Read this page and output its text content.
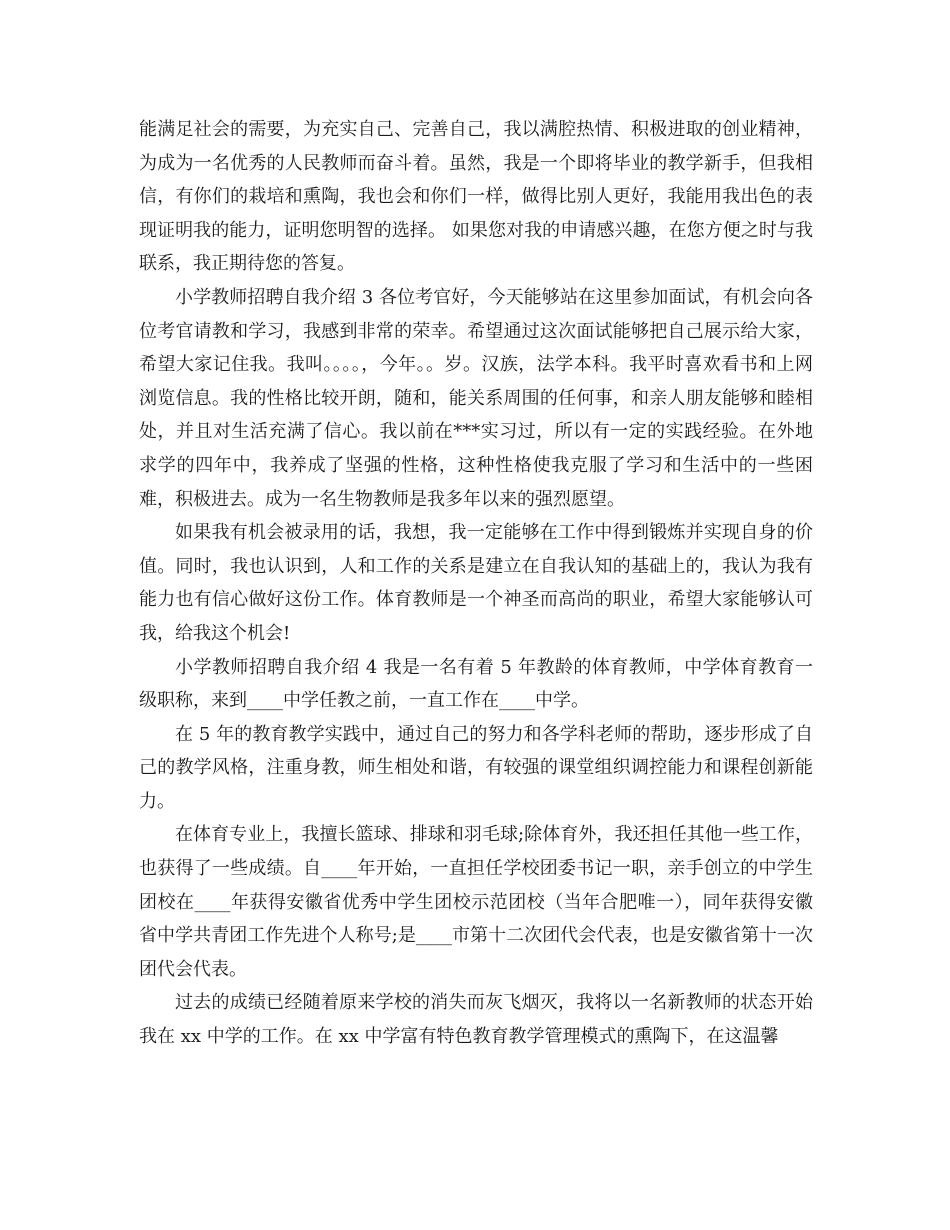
能满足社会的需要，为充实自己、完善自己，我以满腔热情、积极进取的创业精神，为成为一名优秀的人民教师而奋斗着。虽然，我是一个即将毕业的教学新手，但我相信，有你们的栽培和熏陶，我也会和你们一样，做得比别人更好，我能用我出色的表现证明我的能力，证明您明智的选择。 如果您对我的申请感兴趣，在您方便之时与我联系，我正期待您的答复。

小学教师招聘自我介绍 3 各位考官好，今天能够站在这里参加面试，有机会向各位考官请教和学习，我感到非常的荣幸。希望通过这次面试能够把自己展示给大家，希望大家记住我。我叫。。。。，今年。。岁。汉族，法学本科。我平时喜欢看书和上网浏览信息。我的性格比较开朗，随和，能关系周围的任何事，和亲人朋友能够和睦相处，并且对生活充满了信心。我以前在***实习过，所以有一定的实践经验。在外地求学的四年中，我养成了坚强的性格，这种性格使我克服了学习和生活中的一些困难，积极进去。成为一名生物教师是我多年以来的强烈愿望。

如果我有机会被录用的话，我想，我一定能够在工作中得到锻炼并实现自身的价值。同时，我也认识到，人和工作的关系是建立在自我认知的基础上的，我认为我有能力也有信心做好这份工作。体育教师是一个神圣而高尚的职业，希望大家能够认可我，给我这个机会!

小学教师招聘自我介绍 4 我是一名有着 5 年教龄的体育教师，中学体育教育一级职称，来到____中学任教之前，一直工作在____中学。

在 5 年的教育教学实践中，通过自己的努力和各学科老师的帮助，逐步形成了自己的教学风格，注重身教，师生相处和谐，有较强的课堂组织调控能力和课程创新能力。

在体育专业上，我擅长篮球、排球和羽毛球;除体育外，我还担任其他一些工作，也获得了一些成绩。自____年开始，一直担任学校团委书记一职，亲手创立的中学生团校在____年获得安徽省优秀中学生团校示范团校（当年合肥唯一），同年获得安徽省中学共青团工作先进个人称号;是____市第十二次团代会代表，也是安徽省第十一次团代会代表。

过去的成绩已经随着原来学校的消失而灰飞烟灭，我将以一名新教师的状态开始我在 xx 中学的工作。在 xx 中学富有特色教育教学管理模式的熏陶下，在这温馨
